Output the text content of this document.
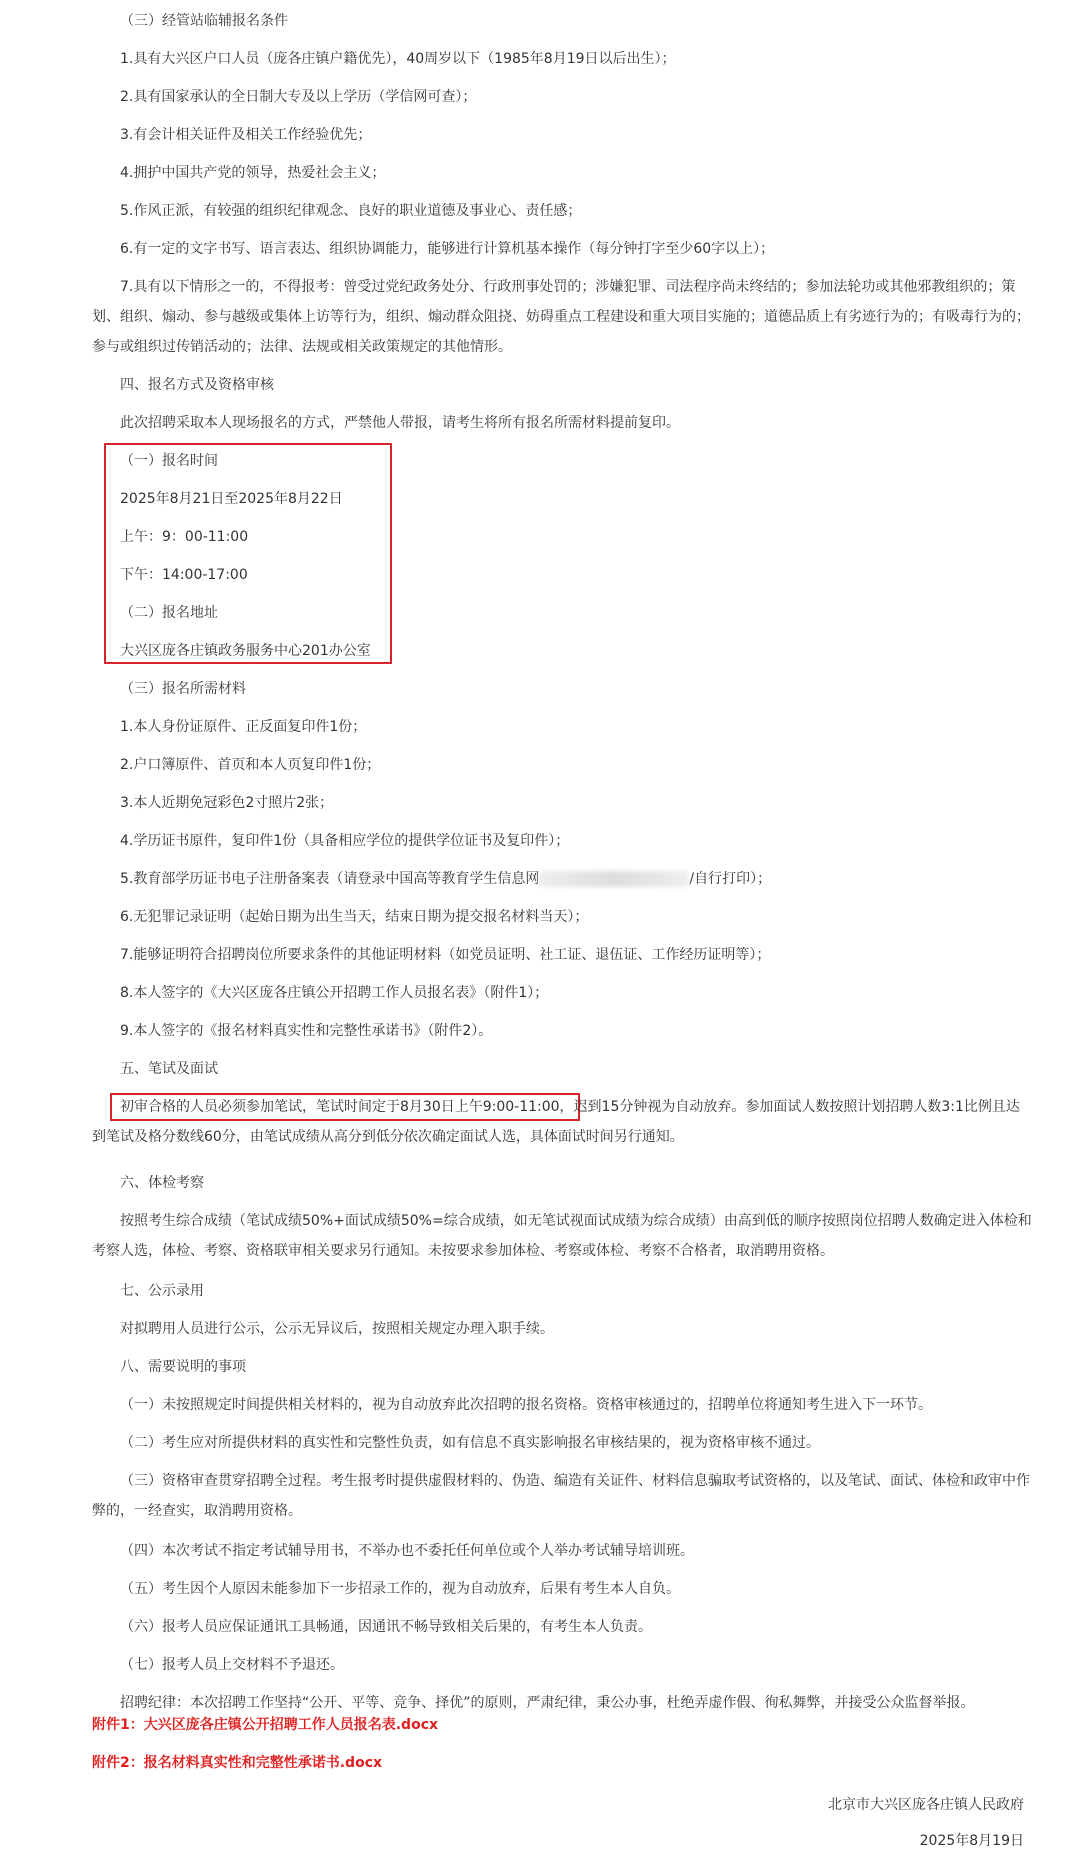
（三）经管站临辅报名条件

1.具有大兴区户口人员（庞各庄镇户籍优先），40周岁以下（1985年8月19日以后出生）；

2.具有国家承认的全日制大专及以上学历（学信网可查）；

3.有会计相关证件及相关工作经验优先；

4.拥护中国共产党的领导，热爱社会主义；

5.作风正派，有较强的组织纪律观念、良好的职业道德及事业心、责任感；

6.有一定的文字书写、语言表达、组织协调能力，能够进行计算机基本操作（每分钟打字至少60字以上）；

7.具有以下情形之一的，不得报考：曾受过党纪政务处分、行政刑事处罚的；涉嫌犯罪、司法程序尚未终结的；参加法轮功或其他邪教组织的；策划、组织、煽动、参与越级或集体上访等行为，组织、煽动群众阻挠、妨碍重点工程建设和重大项目实施的；道德品质上有劣迹行为的；有吸毒行为的；参与或组织过传销活动的；法律、法规或相关政策规定的其他情形。

四、报名方式及资格审核

此次招聘采取本人现场报名的方式，严禁他人带报，请考生将所有报名所需材料提前复印。

（一）报名时间

2025年8月21日至2025年8月22日

上午：9：00-11:00

下午：14:00-17:00

（二）报名地址

大兴区庞各庄镇政务服务中心201办公室

（三）报名所需材料

1.本人身份证原件、正反面复印件1份；

2.户口簿原件、首页和本人页复印件1份；

3.本人近期免冠彩色2寸照片2张；

4.学历证书原件，复印件1份（具备相应学位的提供学位证书及复印件）；

5.教育部学历证书电子注册备案表（请登录中国高等教育学生信息网	/自行打印）；

6.无犯罪记录证明（起始日期为出生当天，结束日期为提交报名材料当天）；

7.能够证明符合招聘岗位所要求条件的其他证明材料（如党员证明、社工证、退伍证、工作经历证明等）；

8.本人签字的《大兴区庞各庄镇公开招聘工作人员报名表》（附件1）；

9.本人签字的《报名材料真实性和完整性承诺书》（附件2）。

五、笔试及面试

初审合格的人员必须参加笔试，笔试时间定于8月30日上午9:00-11:00，迟到15分钟视为自动放弃。参加面试人数按照计划招聘人数3:1比例且达到笔试及格分数线60分，由笔试成绩从高分到低分依次确定面试人选，具体面试时间另行通知。

六、体检考察

按照考生综合成绩（笔试成绩50%+面试成绩50%=综合成绩，如无笔试视面试成绩为综合成绩）由高到低的顺序按照岗位招聘人数确定进入体检和考察人选，体检、考察、资格联审相关要求另行通知。未按要求参加体检、考察或体检、考察不合格者，取消聘用资格。

七、公示录用

对拟聘用人员进行公示，公示无异议后，按照相关规定办理入职手续。

八、需要说明的事项

（一）未按照规定时间提供相关材料的，视为自动放弃此次招聘的报名资格。资格审核通过的，招聘单位将通知考生进入下一环节。

（二）考生应对所提供材料的真实性和完整性负责，如有信息不真实影响报名审核结果的，视为资格审核不通过。

（三）资格审查贯穿招聘全过程。考生报考时提供虚假材料的、伪造、编造有关证件、材料信息骗取考试资格的，以及笔试、面试、体检和政审中作弊的，一经查实，取消聘用资格。

（四）本次考试不指定考试辅导用书，不举办也不委托任何单位或个人举办考试辅导培训班。

（五）考生因个人原因未能参加下一步招录工作的，视为自动放弃，后果有考生本人自负。

（六）报考人员应保证通讯工具畅通，因通讯不畅导致相关后果的，有考生本人负责。

（七）报考人员上交材料不予退还。

招聘纪律：本次招聘工作坚持“公开、平等、竞争、择优”的原则，严肃纪律，秉公办事，杜绝弄虚作假、徇私舞弊，并接受公众监督举报。

附件1：大兴区庞各庄镇公开招聘工作人员报名表.docx
附件2：报名材料真实性和完整性承诺书.docx
北京市大兴区庞各庄镇人民政府
2025年8月19日
